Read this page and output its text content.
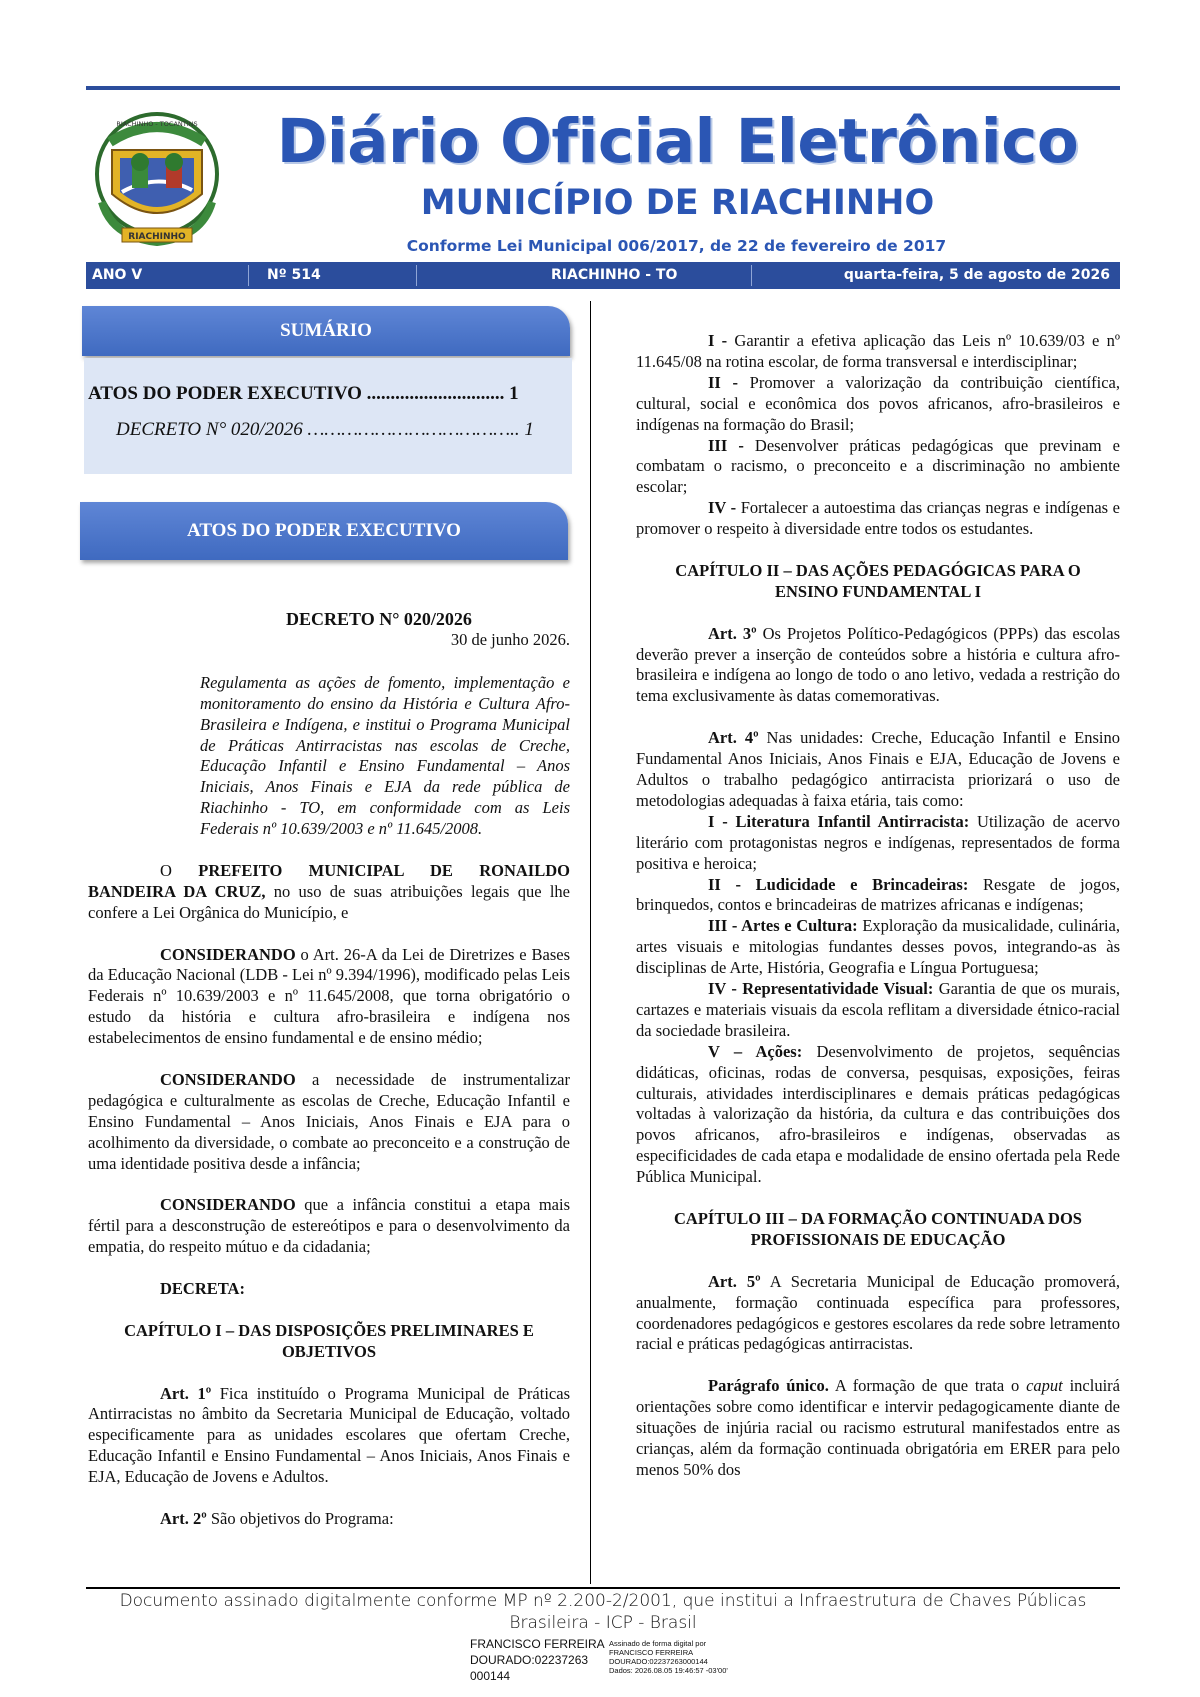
RIACHINHO
RIACHINHO - TOCANTINS	Diário Oficial Eletrônico
MUNICÍPIO DE RIACHINHO
Conforme Lei Municipal 006/2017, de 22 de fevereiro de 2017
ANO V	Nº 514	RIACHINHO - TO	quarta-feira, 5 de agosto de 2026
SUMÁRIO
ATOS DO PODER EXECUTIVO ............................. 1
DECRETO N° 020/2026 ……………………………….. 1
ATOS DO PODER EXECUTIVO

DECRETO N° 020/2026

30 de junho 2026.

Regulamenta as ações de fomento, implementação e monitoramento do ensino da História e Cultura Afro-Brasileira e Indígena, e institui o Programa Municipal de Práticas Antirracistas nas escolas de Creche, Educação Infantil e Ensino Fundamental – Anos Iniciais, Anos Finais e EJA da rede pública de Riachinho - TO, em conformidade com as Leis Federais nº 10.639/2003 e nº 11.645/2008.

O PREFEITO MUNICIPAL DE RONAILDO BANDEIRA DA CRUZ, no uso de suas atribuições legais que lhe confere a Lei Orgânica do Município, e

CONSIDERANDO o Art. 26-A da Lei de Diretrizes e Bases da Educação Nacional (LDB - Lei nº 9.394/1996), modificado pelas Leis Federais nº 10.639/2003 e nº 11.645/2008, que torna obrigatório o estudo da história e cultura afro-brasileira e indígena nos estabelecimentos de ensino fundamental e de ensino médio;

CONSIDERANDO a necessidade de instrumentalizar pedagógica e culturalmente as escolas de Creche, Educação Infantil e Ensino Fundamental – Anos Iniciais, Anos Finais e EJA para o acolhimento da diversidade, o combate ao preconceito e a construção de uma identidade positiva desde a infância;

CONSIDERANDO que a infância constitui a etapa mais fértil para a desconstrução de estereótipos e para o desenvolvimento da empatia, do respeito mútuo e da cidadania;

DECRETA:

CAPÍTULO I – DAS DISPOSIÇÕES PRELIMINARES E OBJETIVOS

Art. 1º Fica instituído o Programa Municipal de Práticas Antirracistas no âmbito da Secretaria Municipal de Educação, voltado especificamente para as unidades escolares que ofertam Creche, Educação Infantil e Ensino Fundamental – Anos Iniciais, Anos Finais e EJA, Educação de Jovens e Adultos.

Art. 2º São objetivos do Programa:

I - Garantir a efetiva aplicação das Leis nº 10.639/03 e nº 11.645/08 na rotina escolar, de forma transversal e interdisciplinar;

II - Promover a valorização da contribuição científica, cultural, social e econômica dos povos africanos, afro-brasileiros e indígenas na formação do Brasil;

III - Desenvolver práticas pedagógicas que previnam e combatam o racismo, o preconceito e a discriminação no ambiente escolar;

IV - Fortalecer a autoestima das crianças negras e indígenas e promover o respeito à diversidade entre todos os estudantes.

CAPÍTULO II – DAS AÇÕES PEDAGÓGICAS PARA O ENSINO FUNDAMENTAL I

Art. 3º Os Projetos Político-Pedagógicos (PPPs) das escolas deverão prever a inserção de conteúdos sobre a história e cultura afro-brasileira e indígena ao longo de todo o ano letivo, vedada a restrição do tema exclusivamente às datas comemorativas.

Art. 4º Nas unidades: Creche, Educação Infantil e Ensino Fundamental Anos Iniciais, Anos Finais e EJA, Educação de Jovens e Adultos o trabalho pedagógico antirracista priorizará o uso de metodologias adequadas à faixa etária, tais como:

I - Literatura Infantil Antirracista: Utilização de acervo literário com protagonistas negros e indígenas, representados de forma positiva e heroica;

II - Ludicidade e Brincadeiras: Resgate de jogos, brinquedos, contos e brincadeiras de matrizes africanas e indígenas;

III - Artes e Cultura: Exploração da musicalidade, culinária, artes visuais e mitologias fundantes desses povos, integrando-as às disciplinas de Arte, História, Geografia e Língua Portuguesa;

IV - Representatividade Visual: Garantia de que os murais, cartazes e materiais visuais da escola reflitam a diversidade étnico-racial da sociedade brasileira.

V – Ações: Desenvolvimento de projetos, sequências didáticas, oficinas, rodas de conversa, pesquisas, exposições, feiras culturais, atividades interdisciplinares e demais práticas pedagógicas voltadas à valorização da história, da cultura e das contribuições dos povos africanos, afro-brasileiros e indígenas, observadas as especificidades de cada etapa e modalidade de ensino ofertada pela Rede Pública Municipal.

CAPÍTULO III – DA FORMAÇÃO CONTINUADA DOS PROFISSIONAIS DE EDUCAÇÃO

Art. 5º A Secretaria Municipal de Educação promoverá, anualmente, formação continuada específica para professores, coordenadores pedagógicos e gestores escolares da rede sobre letramento racial e práticas pedagógicas antirracistas.

Parágrafo único. A formação de que trata o caput incluirá orientações sobre como identificar e intervir pedagogicamente diante de situações de injúria racial ou racismo estrutural manifestados entre as crianças, além da formação continuada obrigatória em ERER para pelo menos 50% dos

Documento assinado digitalmente conforme MP nº 2.200-2/2001, que institui a Infraestrutura de Chaves Públicas
Brasileira - ICP - Brasil
FRANCISCO FERREIRA
DOURADO:02237263
000144
Assinado de forma digital por
FRANCISCO FERREIRA
DOURADO:02237263000144
Dados: 2026.08.05 19:46:57 -03'00'
